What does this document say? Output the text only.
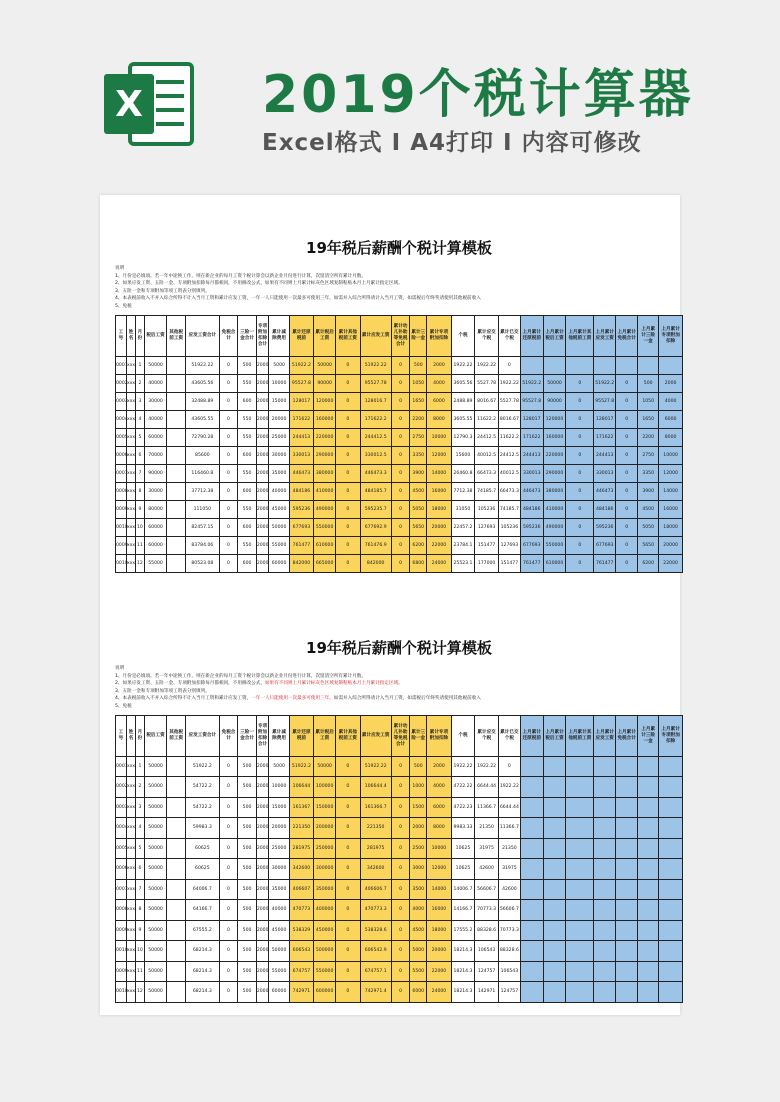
X 2019个税计算器
Excel格式 I A4打印 I 内容可修改
19年税后薪酬个税计算模板
说明
1、月份是必填项。若一年中途换工作，则在新企业的每月工资个税计算会以新企业月份进行计算，次留清空所有累计月数。
2、如果应发工资、五险一金、专项附加扣除每月都相同，不用修改公式，如果有不同则上月累计标灰色区域复制粘贴本月上月累计指定区域。
3、五险一金和专项附加等项工资表分别填列。
4、本表税前收入不并入综合所得不计入当月工资和累计应发工资，一年一人只能使用一次最多可使用三年。如需并入综合所得请计入当月工资，如需税后年终奖请使用其他税前收入
5、免税
工号	姓名	月份	税后工资	其他税前工资	应发工资合计	免税合计	三险一金合计	专项附加扣除合计	累计减除费用	累计还原税前	累计税后工资	累计其他税前工资	累计应发工资	累计幼儿补助等免税合计	累计三险一金	累计专项附加扣除	个税	累计应交个税	累计已交个税	上月累计还原税前	上月累计税后工资	上月累计其他税前工资	上月累计应发工资	上月累计免税合计	上月累计三险一金	上月累计专项附加扣除
0001	xxx	1	50000		51922.22	0	500	2000	5000	51922.2	50000	0	51922.22	0	500	2000	1922.22	1922.22	0							
0002	xxx	2	40000		43605.56	0	550	2000	10000	95527.8	90000	0	95527.78	0	1050	4000	3605.56	5527.78	1922.22	51922.2	50000	0	51922.2	0	500	2000
0003	xxx	3	30000		32488.89	0	600	2000	15000	128017	120000	0	128016.7	0	1650	6000	2488.89	8016.67	5527.78	95527.8	90000	0	95527.8	0	1050	4000
0004	xxx	4	40000		43605.55	0	550	2000	20000	171622	160000	0	171622.2	0	2200	8000	3605.55	11622.2	8016.67	128017	120000	0	128017	0	1650	6000
0005	xxx	5	60000		72790.28	0	550	2000	25000	244413	220000	0	244412.5	0	2750	10000	12790.3	24412.5	11622.2	171622	160000	0	171622	0	2200	8000
0006	xxx	6	70000		85600	0	600	2000	30000	330013	290000	0	330012.5	0	3350	12000	15600	40012.5	24412.5	244413	220000	0	244413	0	2750	10000
0007	xxx	7	90000		116460.8	0	550	2000	35000	446473	380000	0	446473.3	0	3900	14000	26460.8	66473.3	40012.5	330013	290000	0	330013	0	3350	12000
0008	xxx	8	30000		37712.38	0	600	2000	40000	484186	410000	0	484185.7	0	4500	16000	7712.38	74185.7	66473.3	446473	380000	0	446473	0	3900	14000
0009	xxx	9	80000		111050	0	550	2000	45000	595236	490000	0	595235.7	0	5050	18000	31050	105236	74185.7	484186	410000	0	484186	0	4500	16000
0010	xxx	10	60000		82457.15	0	600	2000	50000	677693	550000	0	677692.9	0	5650	20000	22457.2	127693	105236	595236	490000	0	595236	0	5050	18000
0009	xxx	11	60000		83784.06	0	550	2000	55000	761477	610000	0	761476.9	0	6200	22000	23784.1	151477	127693	677693	550000	0	677693	0	5650	20000
0010	xxx	12	55000		80523.08	0	600	2000	60000	842000	665000	0	842000	0	6800	24000	25523.1	177000	151477	761477	610000	0	761477	0	6200	22000
19年税后薪酬个税计算模板
说明
1、月份是必填项。若一年中途换工作，则在新企业的每月工资个税计算会以新企业月份进行计算，次留清空所有累计月数。
2、如果应发工资、五险一金、专项附加扣除每月都相同，不用修改公式，如果有不同则上月累计标灰色区域复制粘贴本月上月累计指定区域。
3、五险一金和专项附加等项工资表分别填列。
4、本表税前收入不并入综合所得不计入当月工资和累计应发工资，一年一人只能使用一次最多可使用三年。如需并入综合所得请计入当月工资，如需税后年终奖请使用其他税前收入
5、免税
工号	姓名	月份	税后工资	其他税前工资	应发工资合计	免税合计	三险一金合计	专项附加扣除合计	累计减除费用	累计还原税前	累计税后工资	累计其他税前工资	累计应发工资	累计幼儿补助等免税合计	累计三险一金	累计专项附加扣除	个税	累计应交个税	累计已交个税	上月累计还原税前	上月累计税后工资	上月累计其他税前工资	上月累计应发工资	上月累计免税合计	上月累计三险一金	上月累计专项附加扣除
0001	xxx	1	50000		51922.2	0	500	2000	5000	51922.2	50000	0	51922.22	0	500	2000	1922.22	1922.22	0							
0002	xxx	2	50000		54722.2	0	500	2000	10000	106644	100000	0	106644.4	0	1000	4000	4722.22	6644.44	1922.22							
0003	xxx	3	50000		54722.2	0	500	2000	15000	161367	150000	0	161366.7	0	1500	6000	4722.23	11366.7	6644.44							
0004	xxx	4	50000		59983.3	0	500	2000	20000	221350	200000	0	221350	0	2000	8000	9983.33	21350	11366.7							
0005	xxx	5	50000		60625	0	500	2000	25000	281975	250000	0	281975	0	2500	10000	10625	31975	21350							
0006	xxx	6	50000		60625	0	500	2000	30000	342600	300000	0	342600	0	3000	12000	10625	42600	31975							
0007	xxx	7	50000		64006.7	0	500	2000	35000	406607	350000	0	406606.7	0	3500	14000	14006.7	56606.7	42600							
0008	xxx	8	50000		64166.7	0	500	2000	40000	470773	400000	0	470773.3	0	4000	16000	14166.7	70773.3	56606.7							
0009	xxx	9	50000		67555.2	0	500	2000	45000	538329	450000	0	538328.6	0	4500	18000	17555.2	88328.6	70773.3							
0010	xxx	10	50000		68214.3	0	500	2000	50000	606543	500000	0	606542.9	0	5000	20000	18214.3	106543	88328.6							
0009	xxx	11	50000		68214.3	0	500	2000	55000	674757	550000	0	674757.1	0	5500	22000	18214.3	124757	106543							
0010	xxx	12	50000		68214.3	0	500	2000	60000	742971	600000	0	742971.4	0	6000	24000	18214.3	142971	124757							
